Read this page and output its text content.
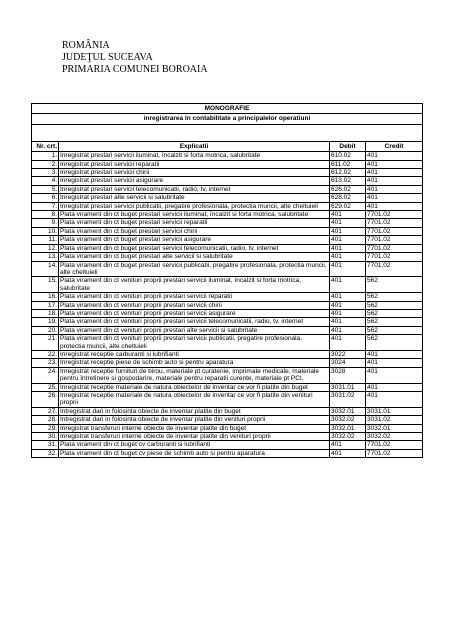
ROMÂNIA
JUDEŢUL SUCEAVA
PRIMARIA COMUNEI BOROAIA
MONOGRAFIE			
inregistrarea în contabilitate a principalelor operatiuni			

Nr. crt.	Explicatii	Debit	Credit
1.	Inregistrat prestari servicii iluminat, încalzit si forta motrica, salubritate	610.02	401
2.	Inregistrat prestari servicii reparatii	611.02	401
3.	Inregistrat prestari servicii chirii	612.02	401
4.	Inregistrat prestari servicii asigurare	613.02	401
5.	Inregistrat prestari servicii telecomunicatii, radio, tv, internet	626.02	401
6.	Inregistrat prestari alte servicii si salubritate	628.02	401
7.	Inregistrat prestari servicii publicatii, pregatire profesionala, protectia muncii, alte cheltuieli	629.02	401
8.	Plata virament din ct buget prestari servicii iluminat, încalzit si forta motrica, salubritate	401	7701.02
9.	Plata virament din ct buget prestari servicii reparatii	401	7701.02
10.	Plata virament din ct buget prestari servicii chirii	401	7701.02
11.	Plata virament din ct buget prestari servicii asigurare	401	7701.02
12.	Plata virament din ct buget prestari servicii telecomunicatii, radio, tv, internet	401	7701.02
13.	Plata virament din ct buget prestari alte servicii si salubritate	401	7701.02
14.	Plata virament din ct buget prestari servicii publicatii, pregatire profesionala, protectia muncii, alte cheltuieli	401	7701.02
15.	Plata virament din ct venituri proprii prestari servicii iluminat, încalzit si forta motrica, salubritate	401	562
16.	Plata virament din ct venituri proprii prestari servicii reparatii	401	562
17.	Plata virament din ct venituri proprii prestari servicii chirii	401	562
18.	Plata virament din ct venituri proprii prestari servicii asigurare	401	562
19.	Plata virament din ct venituri proprii prestari servicii telecomunicatii, radio, tv, internet	401	562
20.	Plata virament din ct venituri proprii prestari alte servicii si salubritate	401	562
21.	Plata virament din ct venituri proprii prestari servicii publicatii, pregatire profesionala, protectia muncii, alte cheltuieli	401	562
22.	Inregistrat receptie carburanti si lubrifianti	3022	401
23.	Inregistrat receptie piese de schimb auto si pentru aparatura	3024	401
24.	Inregistrat receptie furnituri de birou, materiale pt curatenie, imprimate medicale, materiale pentru întretinere si gospodarire, materiale pentru reparatii curente, materiale pt PCI,	3028	401
25.	Inregistrat receptie materiale de natura obiectelor de inventar ce vor fi platite din buget	3031.01	401
26.	Inregistrat receptie materiale de natura obiectelor de inventar ce vor fi platite din venituri proprii	3031.02	401
27.	Intregistrat dari in folosinta obiecte de inventar platite din buget	3032.01	3031.01
28.	Intregistrat dari in folosinta obiecte de inventar platite din venituri proprii	3032.02	3031.02
29.	Inregistrat transferuri interne obiecte de inventar platite din buget	3032.01	3032.01
30.	Inregistrat transferuri interne obiecte de inventar platite din venituri proprii	3032.02	3032.02
31.	Plata virament din ct buget cv carburanti si lubrifianti	401	7701.02
32.	Plata virament din ct buget cv piese de schimb auto si pentru aparatura	401	7701.02
